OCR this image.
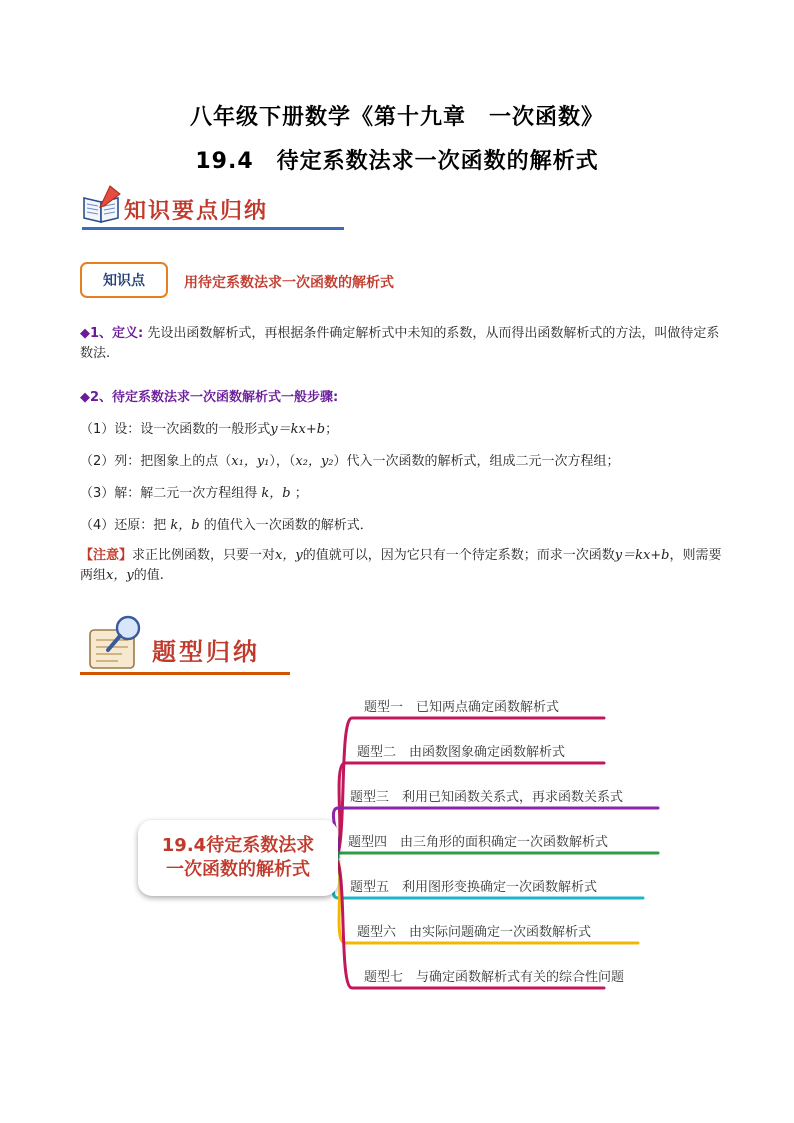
八年级下册数学《第十九章　一次函数》
19.4　待定系数法求一次函数的解析式
知识要点归纳
知识点	用待定系数法求一次函数的解析式
◆1、定义: 先设出函数解析式，再根据条件确定解析式中未知的系数，从而得出函数解析式的方法，叫做待定系数法.
◆2、待定系数法求一次函数解析式一般步骤:
（1）设：设一次函数的一般形式y＝kx+b；
（2）列：把图象上的点（x₁，y₁），（x₂，y₂）代入一次函数的解析式，组成二元一次方程组；
（3）解：解二元一次方程组得 k，b ；
（4）还原：把 k，b 的值代入一次函数的解析式．
【注意】求正比例函数，只要一对x，y的值就可以，因为它只有一个待定系数；而求一次函数y＝kx+b，则需要两组x，y的值.
题型归纳
19.4待定系数法求
一次函数的解析式
题型一　已知两点确定函数解析式
题型二　由函数图象确定函数解析式
题型三　利用已知函数关系式，再求函数关系式
题型四　由三角形的面积确定一次函数解析式
题型五　利用图形变换确定一次函数解析式
题型六　由实际问题确定一次函数解析式
题型七　与确定函数解析式有关的综合性问题
